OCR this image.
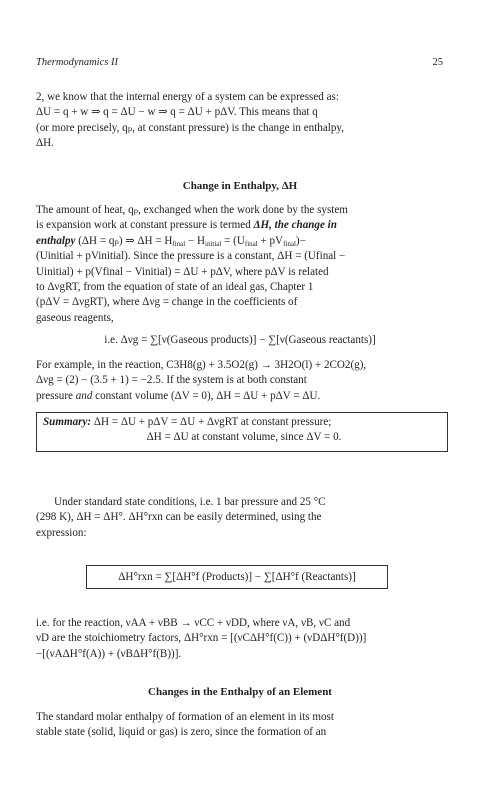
Thermodynamics II	25

2, we know that the internal energy of a system can be expressed as:

ΔU = q + w ⇒ q = ΔU − w ⇒ q = ΔU + pΔV. This means that q

(or more precisely, qₚ, at constant pressure) is the change in enthalpy,

ΔH.

Change in Enthalpy, ΔH

The amount of heat, qₚ, exchanged when the work done by the system

is expansion work at constant pressure is termed ΔH, the change in

enthalpy (ΔH = qₚ) ⇒ $\Delta H = H_{final} - H_{initial} = (U_{final} + pV_{final})-$

(Uinitial + pVinitial). Since the pressure is a constant, ΔH = (Ufinal −

Uinitial) + p(Vfinal − Vinitial) = ΔU + pΔV, where pΔV is related

to ΔνgRT, from the equation of state of an ideal gas, Chapter 1

(pΔV = ΔνgRT), where Δνg = change in the coefficients of

gaseous reagents,

i.e. Δνg = ∑[ν(Gaseous products)] − ∑[ν(Gaseous reactants)]

For example, in the reaction, C3H8(g) + 3.5O2(g) → 3H2O(l) + 2CO2(g),

Δνg = (2) − (3.5 + 1) = −2.5. If the system is at both constant

pressure and constant volume (ΔV = 0), ΔH = ΔU + pΔV = ΔU.

Summary: ΔH = ΔU + pΔV = ΔU + ΔνgRT at constant pressure;
ΔH = ΔU at constant volume, since ΔV = 0.

Under standard state conditions, i.e. 1 bar pressure and 25 °C

(298 K), ΔH = ΔH°. ΔH°rxn can be easily determined, using the

expression:

ΔH°rxn = ∑[ΔH°f (Products)] − ∑[ΔH°f (Reactants)]

i.e. for the reaction, νAA + νBB → νCC + νDD, where νA, νB, νC and

νD are the stoichiometry factors, ΔH°rxn = [(νCΔH°f(C)) + (νDΔH°f(D))]

−[(νAΔH°f(A)) + (νBΔH°f(B))].

Changes in the Enthalpy of an Element

The standard molar enthalpy of formation of an element in its most

stable state (solid, liquid or gas) is zero, since the formation of an
